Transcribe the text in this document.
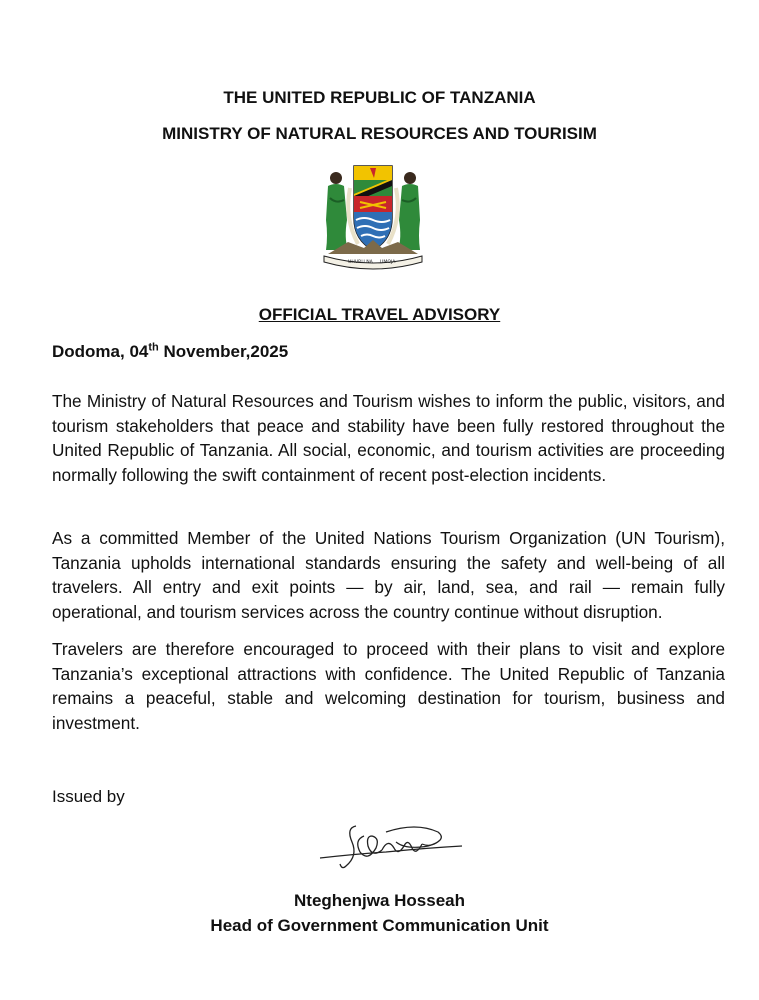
THE UNITED REPUBLIC OF TANZANIA
MINISTRY OF NATURAL RESOURCES AND TOURISIM
UHURU NA UMOJA
OFFICIAL TRAVEL ADVISORY
Dodoma, 04th November,2025

The Ministry of Natural Resources and Tourism wishes to inform the public, visitors, and tourism stakeholders that peace and stability have been fully restored throughout the United Republic of Tanzania. All social, economic, and tourism activities are proceeding normally following the swift containment of recent post-election incidents.

As a committed Member of the United Nations Tourism Organization (UN Tourism), Tanzania upholds international standards ensuring the safety and well-being of all travelers. All entry and exit points — by air, land, sea, and rail — remain fully operational, and tourism services across the country continue without disruption.

Travelers are therefore encouraged to proceed with their plans to visit and explore Tanzania’s exceptional attractions with confidence. The United Republic of Tanzania remains a peaceful, stable and welcoming destination for tourism, business and investment.

Issued by
Nteghenjwa Hosseah
Head of Government Communication Unit
